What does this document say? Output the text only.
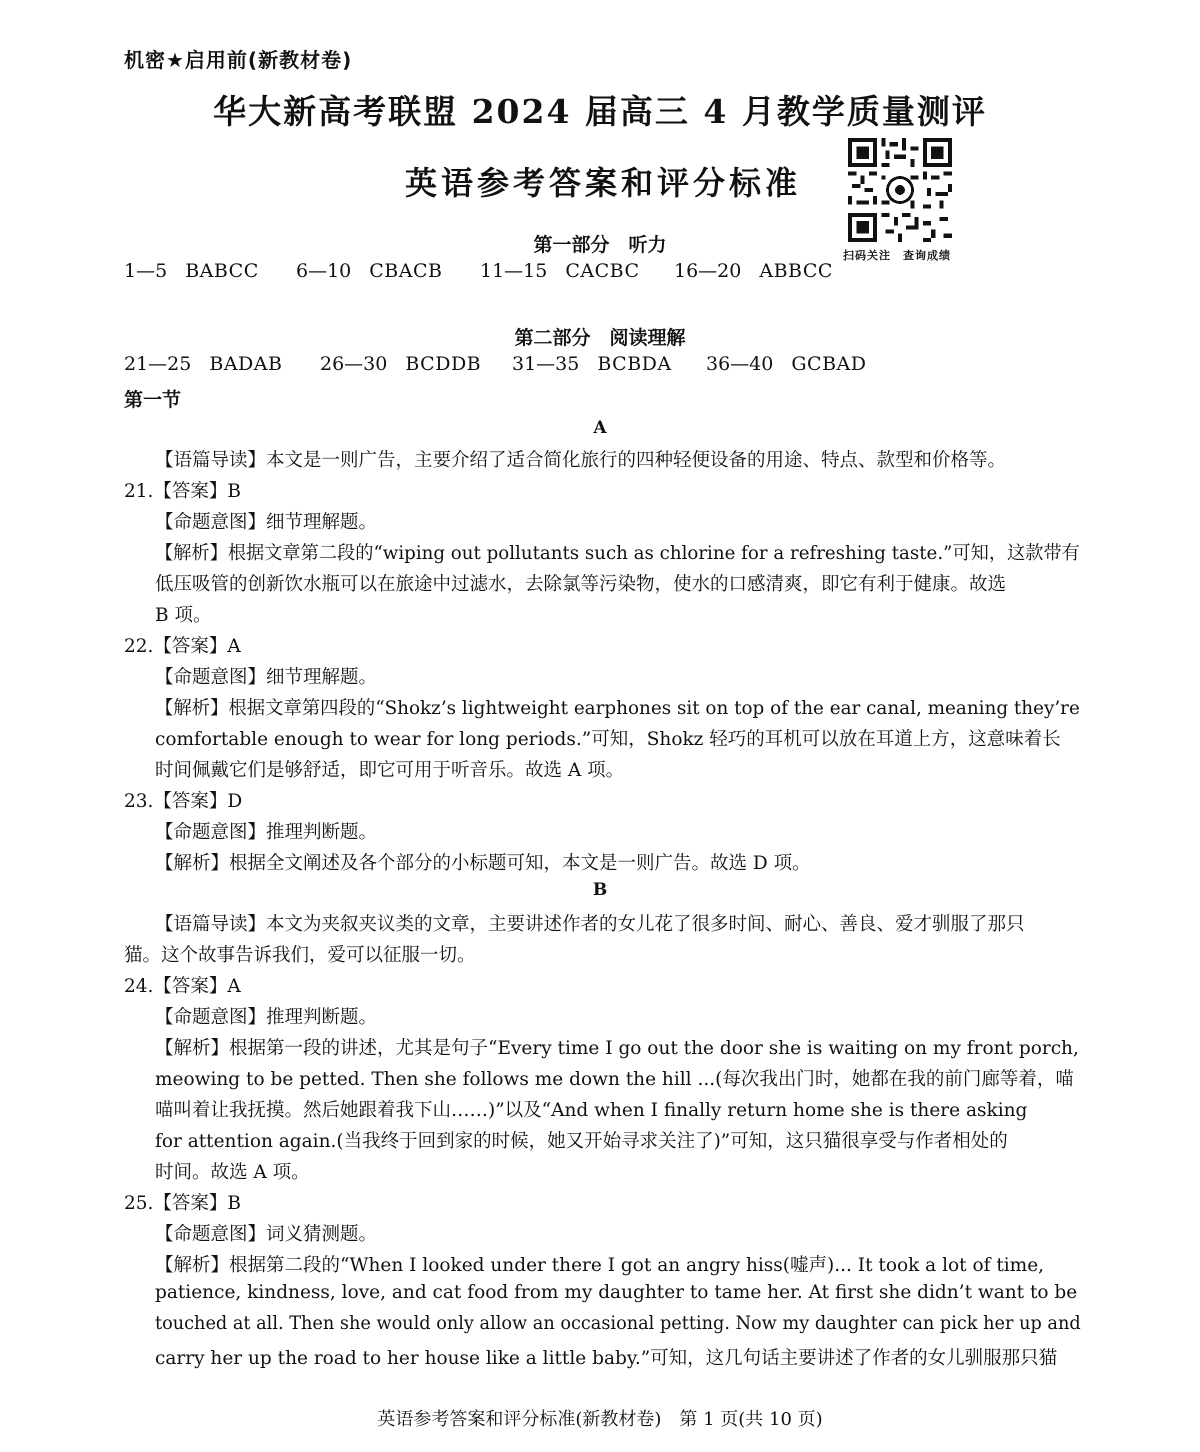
机密★启用前(新教材卷)
华大新高考联盟 2024 届高三 4 月教学质量测评
英语参考答案和评分标准
扫码关注　查询成绩
第一部分　听力
1—5 BABCC	6—10 CBACB	11—15 CACBC	16—20 ABBCC
第二部分　阅读理解
21—25 BADAB	26—30 BCDDB	31—35 BCBDA	36—40 GCBAD
第一节
A
【语篇导读】本文是一则广告，主要介绍了适合简化旅行的四种轻便设备的用途、特点、款型和价格等。
21.【答案】B
【命题意图】细节理解题。
【解析】根据文章第二段的“wiping out pollutants such as chlorine for a refreshing taste.”可知，这款带有
低压吸管的创新饮水瓶可以在旅途中过滤水，去除氯等污染物，使水的口感清爽，即它有利于健康。故选
B 项。
22.【答案】A
【命题意图】细节理解题。
【解析】根据文章第四段的“Shokz’s lightweight earphones sit on top of the ear canal, meaning they’re
comfortable enough to wear for long periods.”可知，Shokz 轻巧的耳机可以放在耳道上方，这意味着长
时间佩戴它们是够舒适，即它可用于听音乐。故选 A 项。
23.【答案】D
【命题意图】推理判断题。
【解析】根据全文阐述及各个部分的小标题可知，本文是一则广告。故选 D 项。
B
【语篇导读】本文为夹叙夹议类的文章，主要讲述作者的女儿花了很多时间、耐心、善良、爱才驯服了那只
猫。这个故事告诉我们，爱可以征服一切。
24.【答案】A
【命题意图】推理判断题。
【解析】根据第一段的讲述，尤其是句子“Every time I go out the door she is waiting on my front porch,
meowing to be petted. Then she follows me down the hill ...(每次我出门时，她都在我的前门廊等着，喵
喵叫着让我抚摸。然后她跟着我下山……)”以及“And when I finally return home she is there asking
for attention again.(当我终于回到家的时候，她又开始寻求关注了)”可知，这只猫很享受与作者相处的
时间。故选 A 项。
25.【答案】B
【命题意图】词义猜测题。
【解析】根据第二段的“When I looked under there I got an angry hiss(嘘声)... It took a lot of time,
patience, kindness, love, and cat food from my daughter to tame her. At first she didn’t want to be
touched at all. Then she would only allow an occasional petting. Now my daughter can pick her up and
carry her up the road to her house like a little baby.”可知，这几句话主要讲述了作者的女儿驯服那只猫
英语参考答案和评分标准(新教材卷)　第 1 页(共 10 页)
